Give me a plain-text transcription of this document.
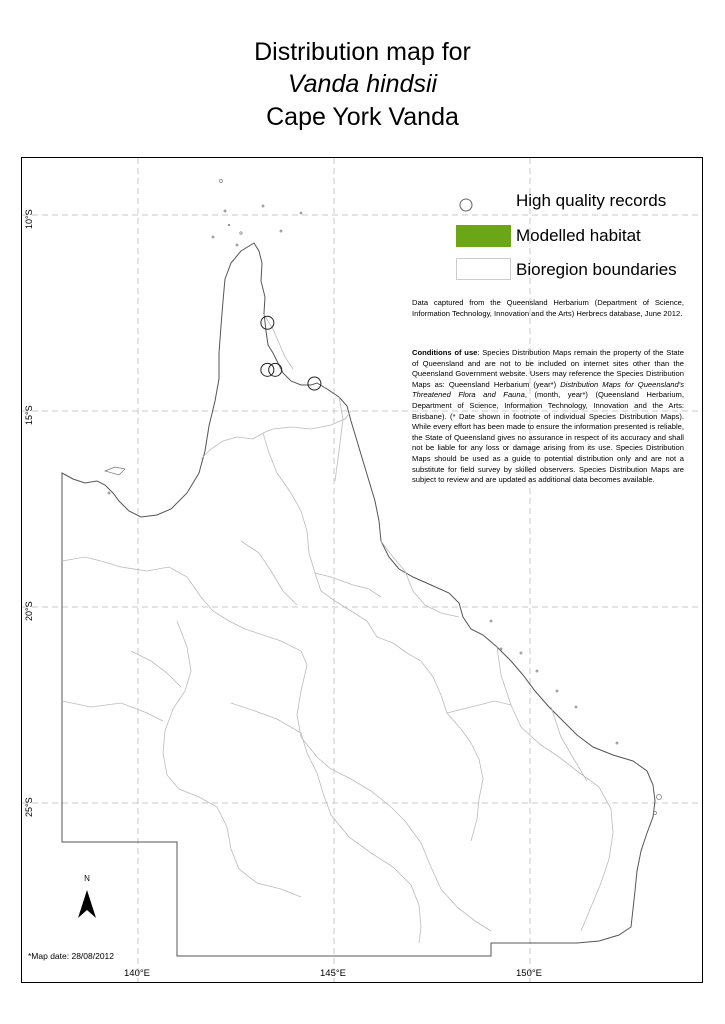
Distribution map for
Vanda hindsii
Cape York Vanda
High quality records
Modelled habitat
Bioregion boundaries
Data captured from the Queensland Herbarium (Department of Science, Information Technology, Innovation and the Arts) Herbrecs database, June 2012.
Conditions of use: Species Distribution Maps remain the property of the State of Queensland and are not to be included on internet sites other than the Queensland Government website. Users may reference the Species Distribution Maps as: Queensland Herbarium (year*) Distribution Maps for Queensland's Threatened Flora and Fauna, (month, year*) (Queensland Herbarium, Department of Science, Information Technology, Innovation and the Arts: Brisbane). (* Date shown in footnote of individual Species Distribution Maps). While every effort has been made to ensure the information presented is reliable, the State of Queensland gives no assurance in respect of its accuracy and shall not be liable for any loss or damage arising from its use. Species Distribution Maps should be used as a guide to potential distribution only and are not a substitute for field survey by skilled observers. Species Distribution Maps are subject to review and are updated as additional data becomes available.
10°S
15°S
20°S
25°S
140°E	145°E	150°E
N
*Map date: 28/08/2012
